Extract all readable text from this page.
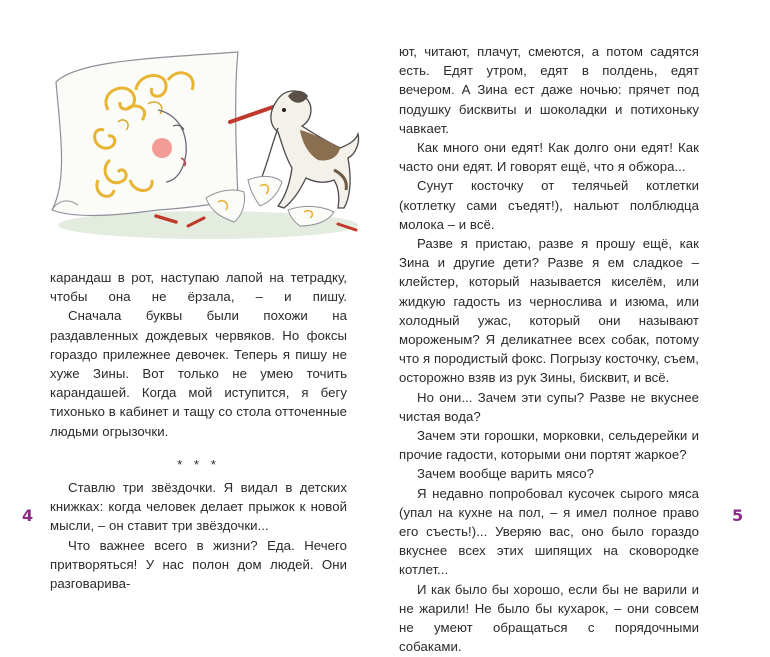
карандаш в рот, наступаю лапой на тетрадку, чтобы она не ёрзала, – и пишу.

Сначала буквы были похожи на раздавленных дождевых червяков. Но фоксы гораздо прилежнее девочек. Теперь я пишу не хуже Зины. Вот только не умею точить карандашей. Когда мой иступится, я бегу тихонько в кабинет и тащу со стола отточенные людьми огрызочки.

* * *

Ставлю три звёздочки. Я видал в детских книжках: когда человек делает прыжок к новой мысли, – он ставит три звёздочки...

Что важнее всего в жизни? Еда. Нечего притворяться! У нас полон дом людей. Они разговарива-

4

ют, читают, плачут, смеются, а потом садятся есть. Едят утром, едят в полдень, едят вечером. А Зина ест даже ночью: прячет под подушку бисквиты и шоколадки и потихоньку чавкает.

Как много они едят! Как долго они едят! Как часто они едят. И говорят ещё, что я обжора...

Сунут косточку от телячьей котлетки (котлеткy сами съедят!), нальют полблюдца молока – и всё.

Разве я пристаю, разве я прошу ещё, как Зина и другие дети? Разве я ем сладкое – клейстер, который называется киселём, или жидкую гадость из чернослива и изюма, или холодный ужас, который они называют мороженым? Я деликатнее всех собак, потому что я породистый фокс. Погрызу косточку, съем, осторожно взяв из рук Зины, бисквит, и всё.

Но они... Зачем эти супы? Разве не вкуснее чистая вода?

Зачем эти горошки, морковки, сельдерейки и прочие гадости, которыми они портят жаркое?

Зачем вообще варить мясо?

Я недавно попробовал кусочек сырого мяса (упал на кухне на пол, – я имел полное право его съесть!)... Уверяю вас, оно было гораздо вкуснее всех этих шипящих на сковородке котлет...

И как было бы хорошо, если бы не варили и не жарили! Не было бы кухарок, – они совсем не умеют обращаться с порядочными собаками.

5
